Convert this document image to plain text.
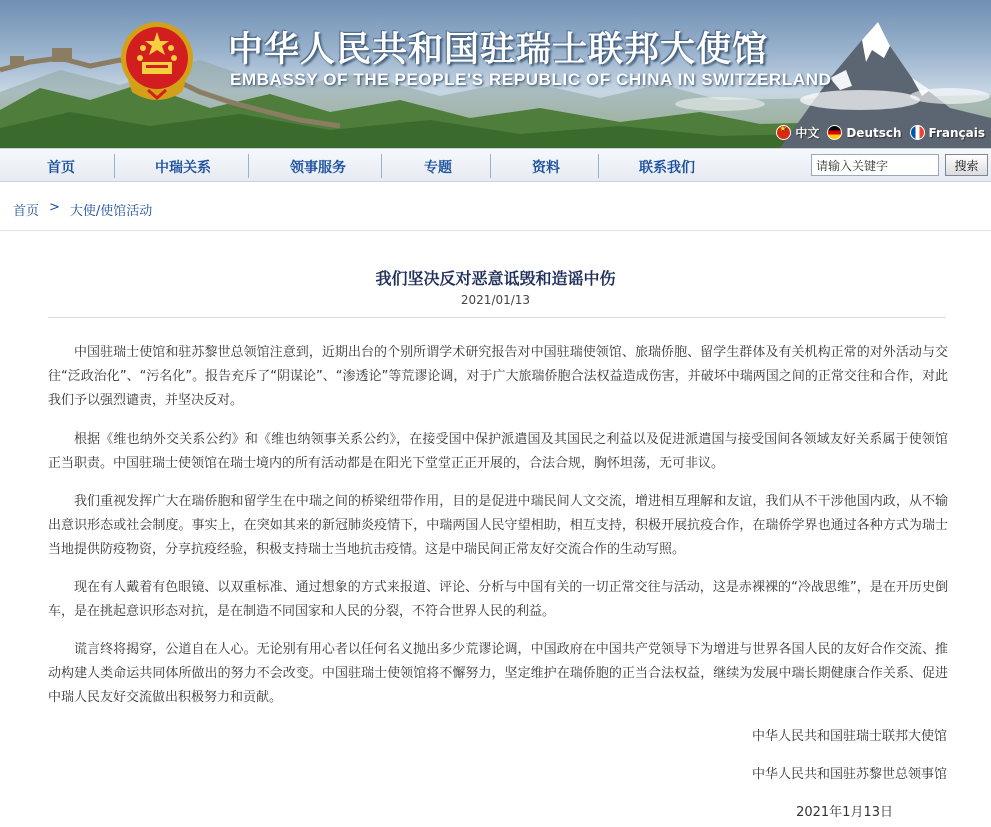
中华人民共和国驻瑞士联邦大使馆
EMBASSY OF THE PEOPLE'S REPUBLIC OF CHINA IN SWITZERLAND
★
中文 Deutsch Français
首页	中瑞关系	领事服务	专题	资料	联系我们
请输入关键字	搜索
首页 > 大使/使馆活动
我们坚决反对恶意诋毁和造谣中伤
2021/01/13

中国驻瑞士使馆和驻苏黎世总领馆注意到，近期出台的个别所谓学术研究报告对中国驻瑞使领馆、旅瑞侨胞、留学生群体及有关机构正常的对外活动与交往“泛政治化”、“污名化”。报告充斥了“阴谋论”、“渗透论”等荒谬论调，对于广大旅瑞侨胞合法权益造成伤害，并破坏中瑞两国之间的正常交往和合作，对此我们予以强烈谴责，并坚决反对。

根据《维也纳外交关系公约》和《维也纳领事关系公约》，在接受国中保护派遣国及其国民之利益以及促进派遣国与接受国间各领域友好关系属于使领馆正当职责。中国驻瑞士使领馆在瑞士境内的所有活动都是在阳光下堂堂正正开展的，合法合规，胸怀坦荡，无可非议。

我们重视发挥广大在瑞侨胞和留学生在中瑞之间的桥梁纽带作用，目的是促进中瑞民间人文交流，增进相互理解和友谊，我们从不干涉他国内政，从不输出意识形态或社会制度。事实上，在突如其来的新冠肺炎疫情下，中瑞两国人民守望相助，相互支持，积极开展抗疫合作，在瑞侨学界也通过各种方式为瑞士当地提供防疫物资，分享抗疫经验，积极支持瑞士当地抗击疫情。这是中瑞民间正常友好交流合作的生动写照。

现在有人戴着有色眼镜、以双重标准、通过想象的方式来报道、评论、分析与中国有关的一切正常交往与活动，这是赤裸裸的“冷战思维”，是在开历史倒车，是在挑起意识形态对抗，是在制造不同国家和人民的分裂，不符合世界人民的利益。

谎言终将揭穿，公道自在人心。无论别有用心者以任何名义抛出多少荒谬论调，中国政府在中国共产党领导下为增进与世界各国人民的友好合作交流、推动构建人类命运共同体所做出的努力不会改变。中国驻瑞士使领馆将不懈努力，坚定维护在瑞侨胞的正当合法权益，继续为发展中瑞长期健康合作关系、促进中瑞人民友好交流做出积极努力和贡献。

中华人民共和国驻瑞士联邦大使馆
中华人民共和国驻苏黎世总领事馆
2021年1月13日
